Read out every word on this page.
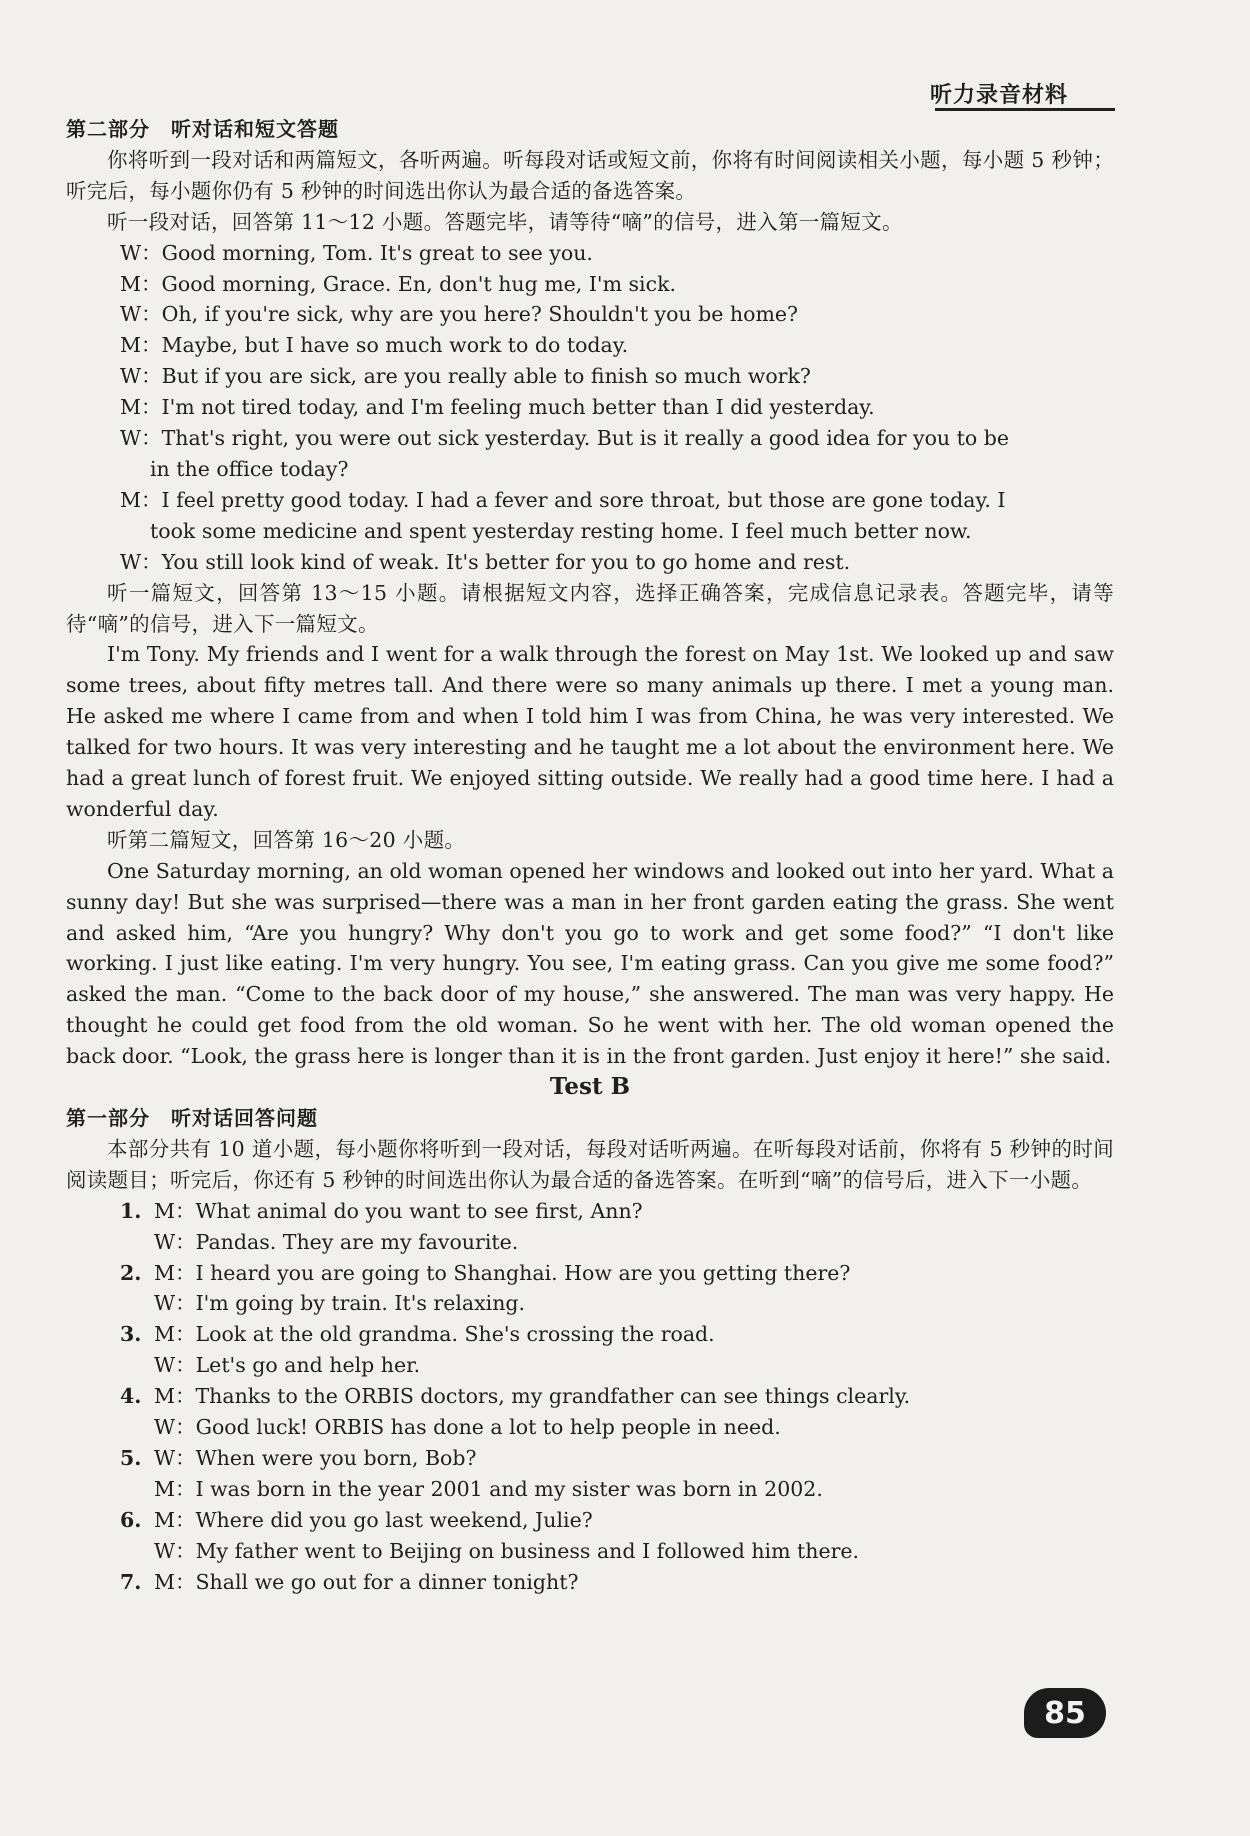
听力录音材料

第二部分　听对话和短文答题

你将听到一段对话和两篇短文，各听两遍。听每段对话或短文前，你将有时间阅读相关小题，每小题 5 秒钟；听完后，每小题你仍有 5 秒钟的时间选出你认为最合适的备选答案。

听一段对话，回答第 11～12 小题。答题完毕，请等待“嘀”的信号，进入第一篇短文。

W：Good morning, Tom. It's great to see you.

M：Good morning, Grace. En, don't hug me, I'm sick.

W：Oh, if you're sick, why are you here? Shouldn't you be home?

M：Maybe, but I have so much work to do today.

W：But if you are sick, are you really able to finish so much work?

M：I'm not tired today, and I'm feeling much better than I did yesterday.

W：That's right, you were out sick yesterday. But is it really a good idea for you to be
in the office today?

M：I feel pretty good today. I had a fever and sore throat, but those are gone today. I
took some medicine and spent yesterday resting home. I feel much better now.

W：You still look kind of weak. It's better for you to go home and rest.

听一篇短文，回答第 13～15 小题。请根据短文内容，选择正确答案，完成信息记录表。答题完毕，请等待“嘀”的信号，进入下一篇短文。

I'm Tony. My friends and I went for a walk through the forest on May 1st. We looked up and saw some trees, about fifty metres tall. And there were so many animals up there. I met a young man. He asked me where I came from and when I told him I was from China, he was very interested. We talked for two hours. It was very interesting and he taught me a lot about the environment here. We had a great lunch of forest fruit. We enjoyed sitting outside. We really had a good time here. I had a wonderful day.

听第二篇短文，回答第 16～20 小题。

One Saturday morning, an old woman opened her windows and looked out into her yard. What a sunny day! But she was surprised—there was a man in her front garden eating the grass. She went and asked him, “Are you hungry? Why don't you go to work and get some food?” “I don't like working. I just like eating. I'm very hungry. You see, I'm eating grass. Can you give me some food?” asked the man. “Come to the back door of my house,” she answered. The man was very happy. He thought he could get food from the old woman. So he went with her. The old woman opened the back door. “Look, the grass here is longer than it is in the front garden. Just enjoy it here!” she said.

Test B

第一部分　听对话回答问题

本部分共有 10 道小题，每小题你将听到一段对话，每段对话听两遍。在听每段对话前，你将有 5 秒钟的时间阅读题目；听完后，你还有 5 秒钟的时间选出你认为最合适的备选答案。在听到“嘀”的信号后，进入下一小题。

1. M：What animal do you want to see first, Ann?

W：Pandas. They are my favourite.

2. M：I heard you are going to Shanghai. How are you getting there?

W：I'm going by train. It's relaxing.

3. M：Look at the old grandma. She's crossing the road.

W：Let's go and help her.

4. M：Thanks to the ORBIS doctors, my grandfather can see things clearly.

W：Good luck! ORBIS has done a lot to help people in need.

5. W：When were you born, Bob?

M：I was born in the year 2001 and my sister was born in 2002.

6. M：Where did you go last weekend, Julie?

W：My father went to Beijing on business and I followed him there.

7. M：Shall we go out for a dinner tonight?

85
